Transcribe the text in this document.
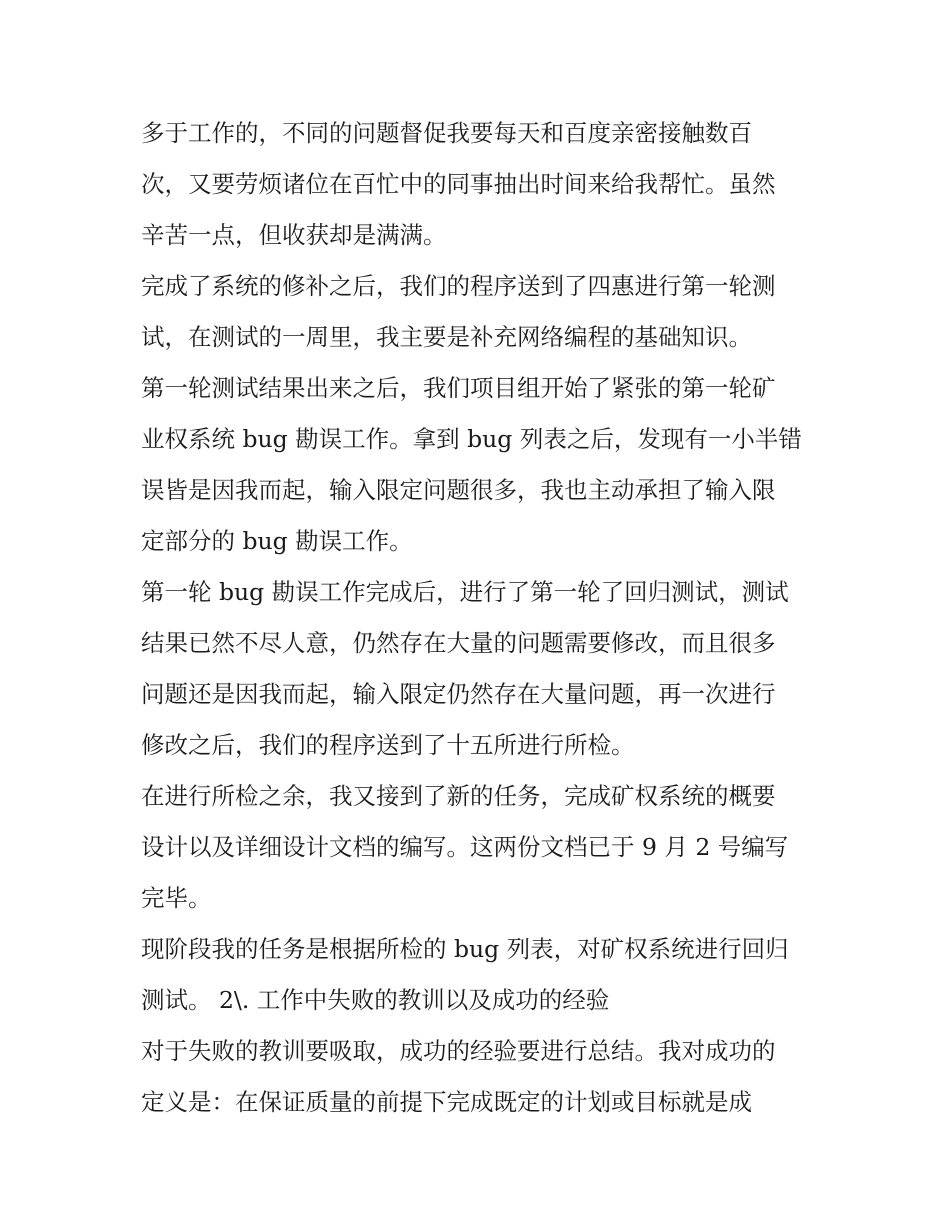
多于工作的，不同的问题督促我要每天和百度亲密接触数百
次，又要劳烦诸位在百忙中的同事抽出时间来给我帮忙。虽然
辛苦一点，但收获却是满满。
完成了系统的修补之后，我们的程序送到了四惠进行第一轮测
试，在测试的一周里，我主要是补充网络编程的基础知识。
第一轮测试结果出来之后，我们项目组开始了紧张的第一轮矿
业权系统 bug 勘误工作。拿到 bug 列表之后，发现有一小半错
误皆是因我而起，输入限定问题很多，我也主动承担了输入限
定部分的 bug 勘误工作。
第一轮 bug 勘误工作完成后，进行了第一轮了回归测试，测试
结果已然不尽人意，仍然存在大量的问题需要修改，而且很多
问题还是因我而起，输入限定仍然存在大量问题，再一次进行
修改之后，我们的程序送到了十五所进行所检。
在进行所检之余，我又接到了新的任务，完成矿权系统的概要
设计以及详细设计文档的编写。这两份文档已于 9 月 2 号编写
完毕。
现阶段我的任务是根据所检的 bug 列表，对矿权系统进行回归
测试。 2\. 工作中失败的教训以及成功的经验
对于失败的教训要吸取，成功的经验要进行总结。我对成功的
定义是：在保证质量的前提下完成既定的计划或目标就是成
